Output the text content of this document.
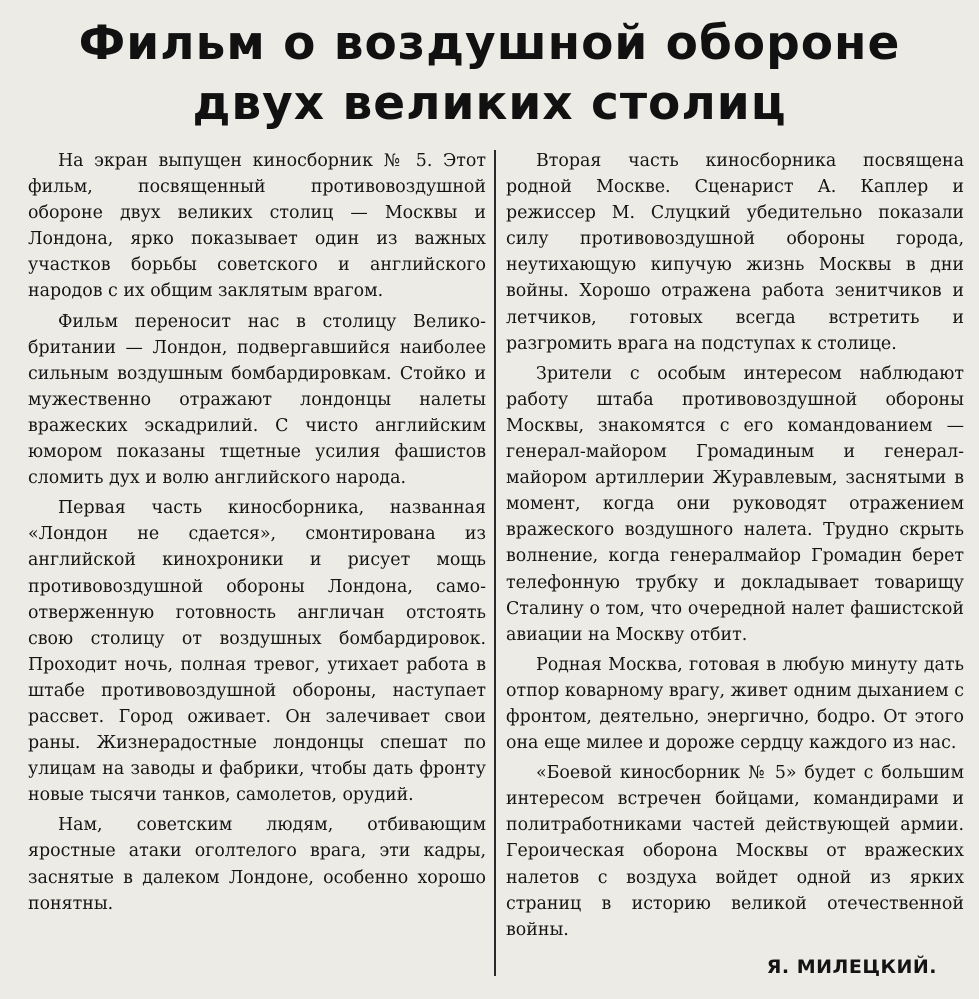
Фильм о воздушной обороне
двух великих столиц

На экран выпущен киносборник № 5. Этот фильм, посвященный противовоздушной обороне двух великих столиц — Москвы и Лондона, ярко показывает один из важных участков борьбы советского и английского народов с их общим заклятым врагом.

Фильм переносит нас в столицу Великобритании — Лондон, подвергавшийся наиболее сильным воздушным бомбардировкам. Стойко и мужественно отражают лондонцы налеты вражеских эскадрилий. С чисто английским юмором показаны тщетные усилия фашистов сломить дух и волю английского народа.

Первая часть киносборника, названная «Лондон не сдается», смонтирована из английской кинохроники и рисует мощь противовоздушной обороны Лондона, самоотверженную готовность англичан отстоять свою столицу от воздушных бомбардировок. Проходит ночь, полная тревог, утихает работа в штабе противовоздушной обороны, наступает рассвет. Город оживает. Он залечивает свои раны. Жизнерадостные лондонцы спешат по улицам на заводы и фабрики, чтобы дать фронту новые тысячи танков, самолетов, орудий.

Нам, советским людям, отбивающим яростные атаки оголтелого врага, эти кадры, заснятые в далеком Лондоне, особенно хорошо понятны.

Вторая часть киносборника посвящена родной Москве. Сценарист А. Каплер и режиссер М. Слуцкий убедительно показали силу противовоздушной обороны города, неутихающую кипучую жизнь Москвы в дни войны. Хорошо отражена работа зенитчиков и летчиков, готовых всегда встретить и разгромить врага на подступах к столице.

Зрители с особым интересом наблюдают работу штаба противовоздушной обороны Москвы, знакомятся с его командованием — генерал-майором Громадиным и генерал-майором артиллерии Журавлевым, заснятыми в момент, когда они руководят отражением вражеского воздушного налета. Трудно скрыть волнение, когда генералмайор Громадин берет телефонную трубку и докладывает товарищу Сталину о том, что очередной налет фашистской авиации на Москву отбит.

Родная Москва, готовая в любую минуту дать отпор коварному врагу, живет одним дыханием с фронтом, деятельно, энергично, бодро. От этого она еще милее и дороже сердцу каждого из нас.

«Боевой киносборник № 5» будет с большим интересом встречен бойцами, командирами и политработниками частей действующей армии. Героическая оборона Москвы от вражеских налетов с воздуха войдет одной из ярких страниц в историю великой отечественной войны.

Я. МИЛЕЦКИЙ.
